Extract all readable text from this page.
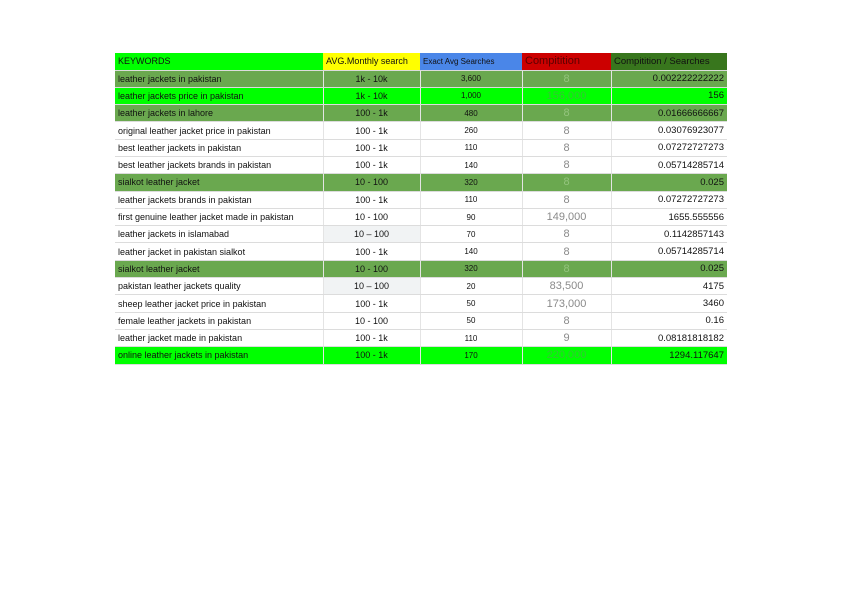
KEYWORDS	AVG.Monthly search	Exact Avg Searches	Compitition	Compitition / Searches
leather jackets in pakistan	1k - 10k	3,600	8	0.002222222222
leather jackets price in pakistan	1k - 10k	1,000	156,000	156
leather jackets in lahore	100 - 1k	480	8	0.01666666667
original leather jacket price in pakistan	100 - 1k	260	8	0.03076923077
best leather jackets in pakistan	100 - 1k	110	8	0.07272727273
best leather jackets brands in pakistan	100 - 1k	140	8	0.05714285714
sialkot leather jacket	10 - 100	320	8	0.025
leather jackets brands in pakistan	100 - 1k	110	8	0.07272727273
first genuine leather jacket made in pakistan	10 - 100	90	149,000	1655.555556
leather jackets in islamabad	10 – 100	70	8	0.1142857143
leather jacket in pakistan sialkot	100 - 1k	140	8	0.05714285714
sialkot leather jacket	10 - 100	320	8	0.025
pakistan leather jackets quality	10 – 100	20	83,500	4175
sheep leather jacket price in pakistan	100 - 1k	50	173,000	3460
female leather jackets in pakistan	10 - 100	50	8	0.16
leather jacket made in pakistan	100 - 1k	110	9	0.08181818182
online leather jackets in pakistan	100 - 1k	170	220,000	1294.117647
